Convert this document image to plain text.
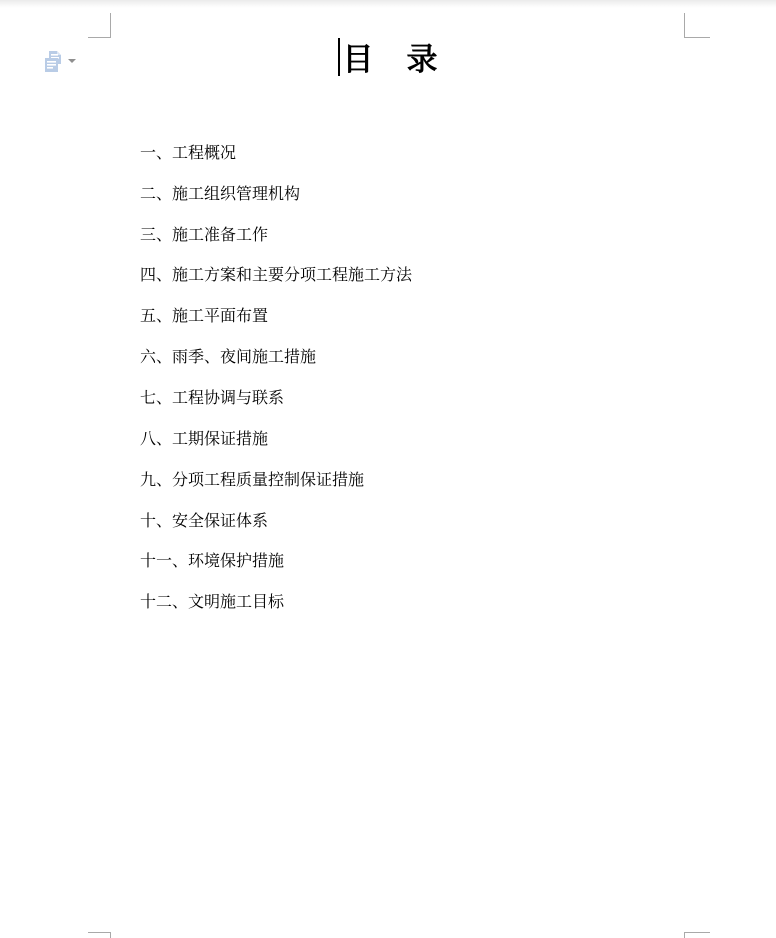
目　录
一、工程概况
二、施工组织管理机构
三、施工准备工作
四、施工方案和主要分项工程施工方法
五、施工平面布置
六、雨季、夜间施工措施
七、工程协调与联系
八、工期保证措施
九、分项工程质量控制保证措施
十、安全保证体系
十一、环境保护措施
十二、文明施工目标
